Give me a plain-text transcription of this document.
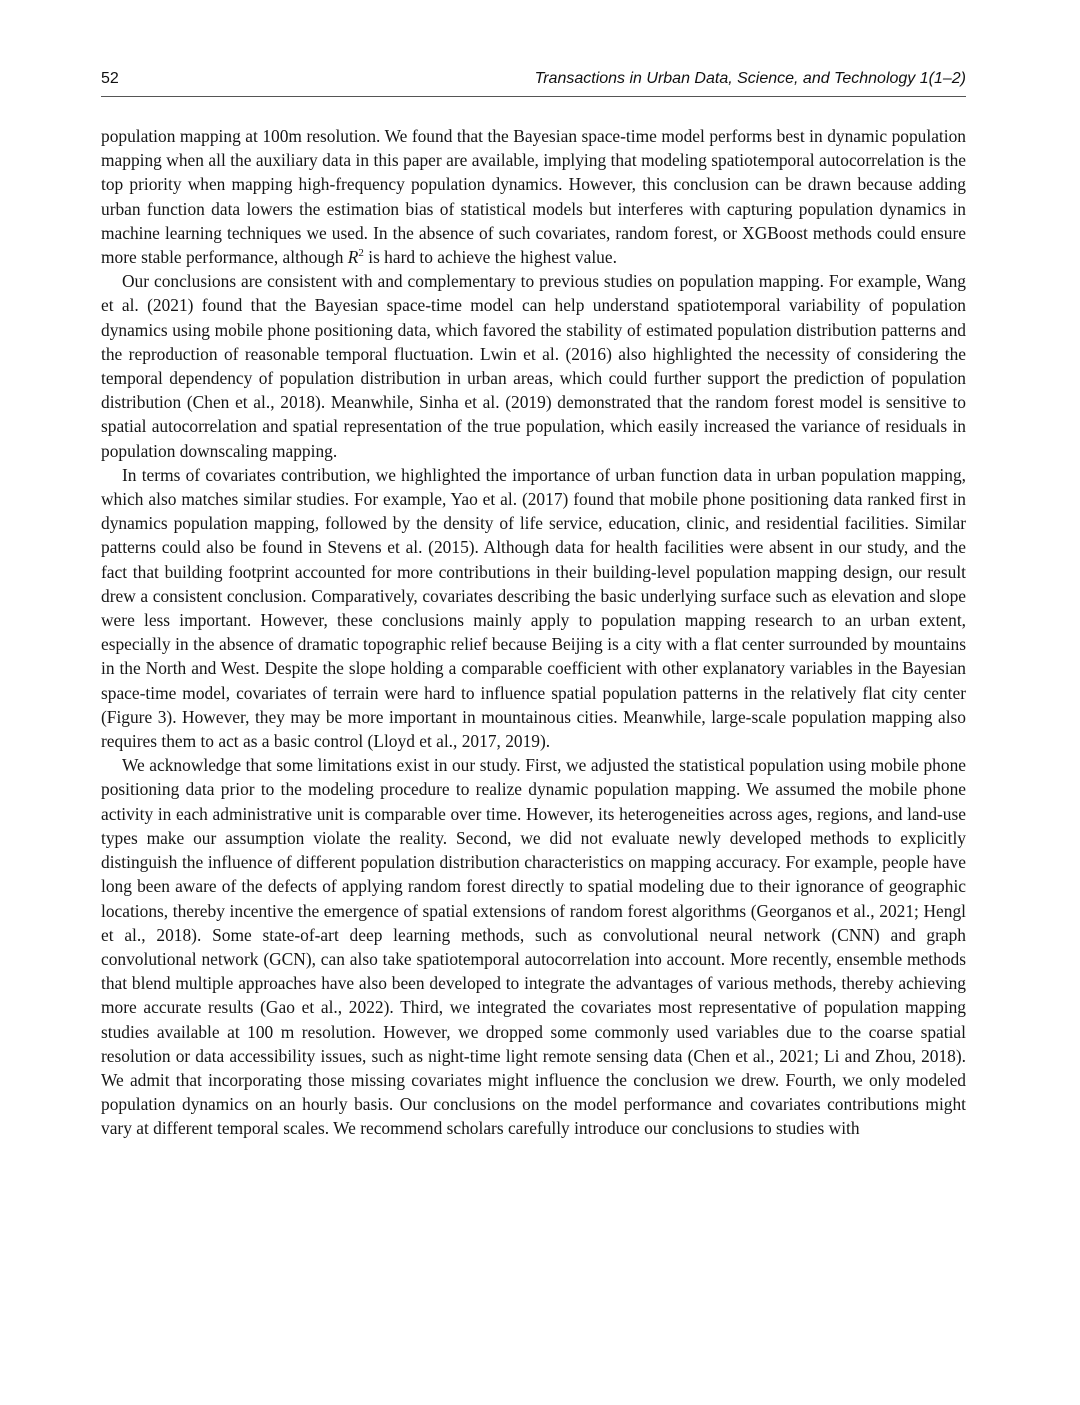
52	Transactions in Urban Data, Science, and Technology 1(1–2)

population mapping at 100m resolution. We found that the Bayesian space-time model performs best in dynamic population mapping when all the auxiliary data in this paper are available, implying that modeling spatiotemporal autocorrelation is the top priority when mapping high-frequency population dynamics. However, this conclusion can be drawn because adding urban function data lowers the estimation bias of statistical models but interferes with capturing population dynamics in machine learning techniques we used. In the absence of such covariates, random forest, or XGBoost methods could ensure more stable performance, although $R^2$ is hard to achieve the highest value.

Our conclusions are consistent with and complementary to previous studies on population mapping. For example, Wang et al. (2021) found that the Bayesian space-time model can help understand spatiotemporal variability of population dynamics using mobile phone positioning data, which favored the stability of estimated population distribution patterns and the reproduction of reasonable temporal fluctuation. Lwin et al. (2016) also highlighted the necessity of considering the temporal dependency of population distribution in urban areas, which could further support the prediction of population distribution (Chen et al., 2018). Meanwhile, Sinha et al. (2019) demonstrated that the random forest model is sensitive to spatial autocorrelation and spatial representation of the true population, which easily increased the variance of residuals in population downscaling mapping.

In terms of covariates contribution, we highlighted the importance of urban function data in urban population mapping, which also matches similar studies. For example, Yao et al. (2017) found that mobile phone positioning data ranked first in dynamics population mapping, followed by the density of life service, education, clinic, and residential facilities. Similar patterns could also be found in Stevens et al. (2015). Although data for health facilities were absent in our study, and the fact that building footprint accounted for more contributions in their building-level population mapping design, our result drew a consistent conclusion. Comparatively, covariates describing the basic underlying surface such as elevation and slope were less important. However, these conclusions mainly apply to population mapping research to an urban extent, especially in the absence of dramatic topographic relief because Beijing is a city with a flat center surrounded by mountains in the North and West. Despite the slope holding a comparable coefficient with other explanatory variables in the Bayesian space-time model, covariates of terrain were hard to influence spatial population patterns in the relatively flat city center (Figure 3). However, they may be more important in mountainous cities. Meanwhile, large-scale population mapping also requires them to act as a basic control (Lloyd et al., 2017, 2019).

We acknowledge that some limitations exist in our study. First, we adjusted the statistical population using mobile phone positioning data prior to the modeling procedure to realize dynamic population mapping. We assumed the mobile phone activity in each administrative unit is comparable over time. However, its heterogeneities across ages, regions, and land-use types make our assumption violate the reality. Second, we did not evaluate newly developed methods to explicitly distinguish the influence of different population distribution characteristics on mapping accuracy. For example, people have long been aware of the defects of applying random forest directly to spatial modeling due to their ignorance of geographic locations, thereby incentive the emergence of spatial extensions of random forest algorithms (Georganos et al., 2021; Hengl et al., 2018). Some state-of-art deep learning methods, such as convolutional neural network (CNN) and graph convolutional network (GCN), can also take spatiotemporal autocorrelation into account. More recently, ensemble methods that blend multiple approaches have also been developed to integrate the advantages of various methods, thereby achieving more accurate results (Gao et al., 2022). Third, we integrated the covariates most representative of population mapping studies available at 100 m resolution. However, we dropped some commonly used variables due to the coarse spatial resolution or data accessibility issues, such as night-time light remote sensing data (Chen et al., 2021; Li and Zhou, 2018). We admit that incorporating those missing covariates might influence the conclusion we drew. Fourth, we only modeled population dynamics on an hourly basis. Our conclusions on the model performance and covariates contributions might vary at different temporal scales. We recommend scholars carefully introduce our conclusions to studies with
